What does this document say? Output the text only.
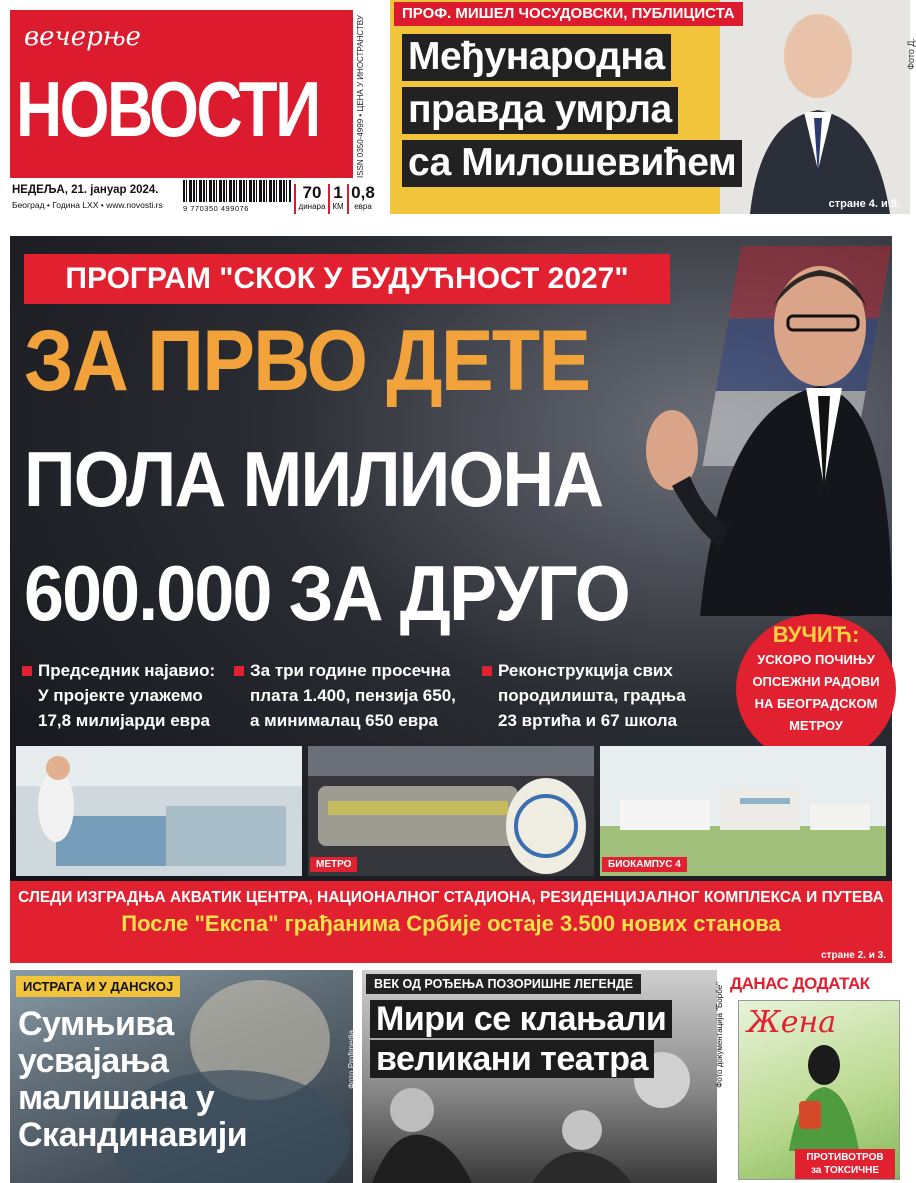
вечерње
НОВОСТИ	ISSN 0350-4999 • ЦЕНА У ИНОСТРАНСТВУ
НЕДЕЉА, 21. јануар 2024.
Београд • Година LXX • www.novosti.rs	9 770350 499076
70
динара
1
КМ
0,8
евра
ПРОФ. МИШЕЛ ЧОСУДОВСКИ, ПУБЛИЦИСТА
Међународна
правда умрла
са Милошевићем
Фото Д.
стране 4. и 5.
ПРОГРАМ "СКОК У БУДУЋНОСТ 2027"
ЗА ПРВО ДЕТЕ
ПОЛА МИЛИОНА
600.000 ЗА ДРУГО
Председник најавио:
У пројекте улажемо
17,8 милијарди евра
За три године просечна
плата 1.400, пензија 650,
а минималац 650 евра
Реконструкција свих
породилишта, градња
23 вртића и 67 школа
ВУЧИЋ:
УСКОРО ПОЧИЊУ
ОПСЕЖНИ РАДОВИ
НА БЕОГРАДСКОМ
МЕТРОУ
МЕТРО	БИОКАМПУС 4
СЛЕДИ ИЗГРАДЊА АКВАТИК ЦЕНТРА, НАЦИОНАЛНОГ СТАДИОНА, РЕЗИДЕНЦИЈАЛНОГ КОМПЛЕКСА И ПУТЕВА
После "Експа" грађанима Србије остаје 3.500 нових станова
стране 2. и 3.
ИСТРАГА И У ДАНСКОЈ
Сумњива
усвајања
малишана у
Скандинавији
Фото Profimedia
ВЕК ОД РОЂЕЊА ПОЗОРИШНЕ ЛЕГЕНДЕ
Мири се клањали
великани театра	Фото документација "Борбе" ДАНАС ДОДАТАК
Жена
ПРОТИВОТРОВ
за ТОКСИЧНЕ
